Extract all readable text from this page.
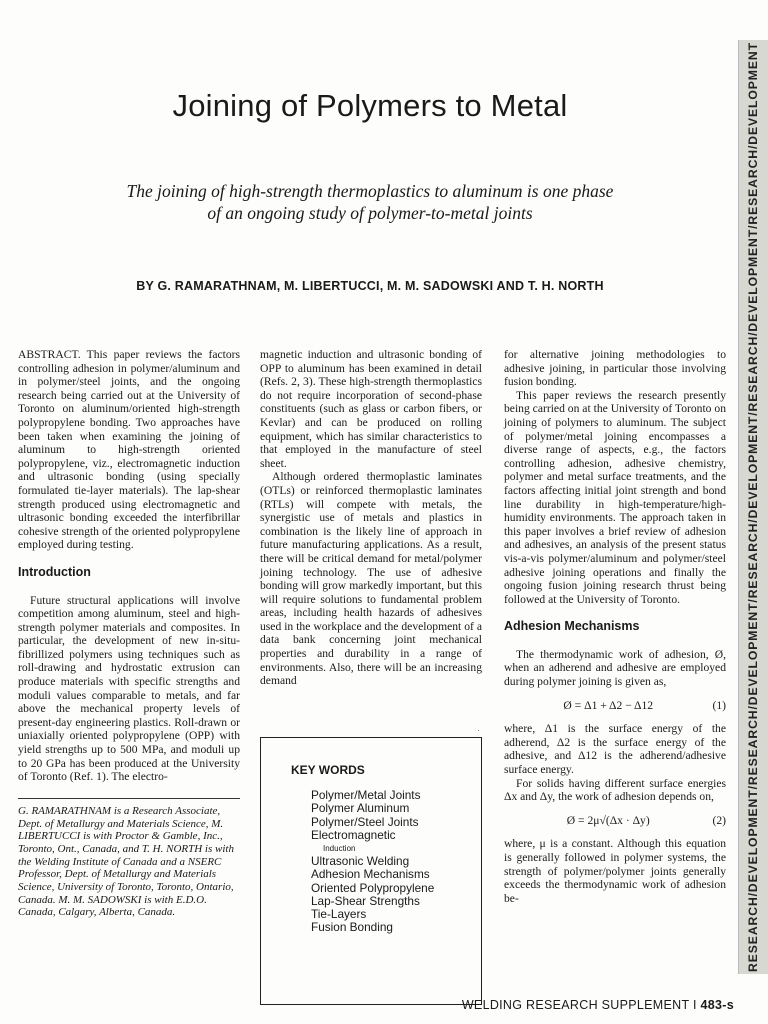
Joining of Polymers to Metal
The joining of high-strength thermoplastics to aluminum is one phase
of an ongoing study of polymer-to-metal joints
BY G. RAMARATHNAM, M. LIBERTUCCI, M. M. SADOWSKI AND T. H. NORTH

ABSTRACT. This paper reviews the factors controlling adhesion in polymer/aluminum and in polymer/steel joints, and the ongoing research being carried out at the University of Toronto on aluminum/oriented high-strength polypropylene bonding. Two approaches have been taken when examining the joining of aluminum to high-strength oriented polypropylene, viz., electromagnetic induction and ultrasonic bonding (using specially formulated tie-layer materials). The lap-shear strength produced using electromagnetic and ultrasonic bonding exceeded the interfibrillar cohesive strength of the oriented polypropylene employed during testing.

Introduction

Future structural applications will involve competition among aluminum, steel and high-strength polymer materials and composites. In particular, the development of new in-situ-fibrillized polymers using techniques such as roll-drawing and hydrostatic extrusion can produce materials with specific strengths and moduli values comparable to metals, and far above the mechanical property levels of present-day engineering plastics. Roll-drawn or uniaxially oriented polypropylene (OPP) with yield strengths up to 500 MPa, and moduli up to 20 GPa has been produced at the University of Toronto (Ref. 1). The electro-

G. RAMARATHNAM is a Research Associate, Dept. of Metallurgy and Materials Science, M. LIBERTUCCI is with Proctor & Gamble, Inc., Toronto, Ont., Canada, and T. H. NORTH is with the Welding Institute of Canada and a NSERC Professor, Dept. of Metallurgy and Materials Science, University of Toronto, Toronto, Ontario, Canada. M. M. SADOWSKI is with E.D.O. Canada, Calgary, Alberta, Canada.

magnetic induction and ultrasonic bonding of OPP to aluminum has been examined in detail (Refs. 2, 3). These high-strength thermoplastics do not require incorporation of second-phase constituents (such as glass or carbon fibers, or Kevlar) and can be produced on rolling equipment, which has similar characteristics to that employed in the manufacture of steel sheet.

Although ordered thermoplastic laminates (OTLs) or reinforced thermoplastic laminates (RTLs) will compete with metals, the synergistic use of metals and plastics in combination is the likely line of approach in future manufacturing applications. As a result, there will be critical demand for metal/polymer joining technology. The use of adhesive bonding will grow markedly important, but this will require solutions to fundamental problem areas, including health hazards of adhesives used in the workplace and the development of a data bank concerning joint mechanical properties and durability in a range of environments. Also, there will be an increasing demand

·
KEY WORDS
Polymer/Metal Joints
Polymer Aluminum
Polymer/Steel Joints
Electromagnetic
Induction
Ultrasonic Welding
Adhesion Mechanisms
Oriented Polypropylene
Lap-Shear Strengths
Tie-Layers
Fusion Bonding

for alternative joining methodologies to adhesive joining, in particular those involving fusion bonding.

This paper reviews the research presently being carried on at the University of Toronto on joining of polymers to aluminum. The subject of polymer/metal joining encompasses a diverse range of aspects, e.g., the factors controlling adhesion, adhesive chemistry, polymer and metal surface treatments, and the factors affecting initial joint strength and bond line durability in high-temperature/high-humidity environments. The approach taken in this paper involves a brief review of adhesion and adhesives, an analysis of the present status vis-a-vis polymer/aluminum and polymer/steel adhesive joining operations and finally the ongoing fusion joining research thrust being followed at the University of Toronto.

Adhesion Mechanisms

The thermodynamic work of adhesion, Ø, when an adherend and adhesive are employed during polymer joining is given as,

Ø = Δ1 + Δ2 − Δ12	(1)

where, Δ1 is the surface energy of the adherend, Δ2 is the surface energy of the adhesive, and Δ12 is the adherend/adhesive surface energy.

For solids having different surface energies Δx and Δy, the work of adhesion depends on,

Ø = 2μ√(Δx · Δy)	(2)

where, μ is a constant. Although this equation is generally followed in polymer systems, the strength of polymer/polymer joints generally exceeds the thermodynamic work of adhesion be-

WELDING RESEARCH SUPPLEMENT I 483-s
RESEARCH/DEVELOPMENT/RESEARCH/DEVELOPMENT/RESEARCH/DEVELOPMENT/RESEARCH/DEVELOPMENT/RESEARCH/DEVELOPMENT
